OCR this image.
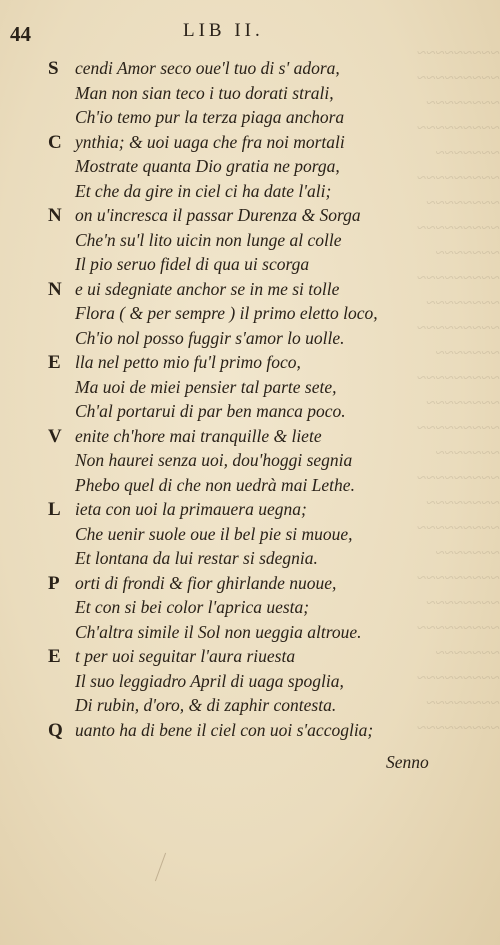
~~~~~~~~~
~~~~~~~~~
~~~~~~~~
~~~~~~~~~
~~~~~~~
~~~~~~~~~
~~~~~~~~
~~~~~~~~~
~~~~~~~
~~~~~~~~~
~~~~~~~~
~~~~~~~~~
~~~~~~~
~~~~~~~~~
~~~~~~~~
~~~~~~~~~
~~~~~~~
~~~~~~~~~
~~~~~~~~
~~~~~~~~~
~~~~~~~
~~~~~~~~~
~~~~~~~~
~~~~~~~~~
~~~~~~~
~~~~~~~~~
~~~~~~~~
~~~~~~~~~
44	LIB II.
S cendi Amor seco oue'l tuo di s' adora,
Man non sian teco i tuo dorati strali,
Ch'io temo pur la terza piaga anchora
C ynthia; & uoi uaga che fra noi mortali
Mostrate quanta Dio gratia ne porga,
Et che da gire in ciel ci ha date l'ali;
N on u'incresca il passar Durenza & Sorga
Che'n su'l lito uicin non lunge al colle
Il pio seruo fidel di qua ui scorga
N e ui sdegniate anchor se in me si tolle
Flora ( & per sempre ) il primo eletto loco,
Ch'io nol posso fuggir s'amor lo uolle.
E lla nel petto mio fu'l primo foco,
Ma uoi de miei pensier tal parte sete,
Ch'al portarui di par ben manca poco.
V enite ch'hore mai tranquille & liete
Non haurei senza uoi, dou'hoggi segnia
Phebo quel di che non uedrà mai Lethe.
L ieta con uoi la primauera uegna;
Che uenir suole oue il bel pie si muoue,
Et lontana da lui restar si sdegnia.
P orti di frondi & fior ghirlande nuoue,
Et con si bei color l'aprica uesta;
Ch'altra simile il Sol non ueggia altroue.
E t per uoi seguitar l'aura riuesta
Il suo leggiadro April di uaga spoglia,
Di rubin, d'oro, & di zaphir contesta.
Q uanto ha di bene il ciel con uoi s'accoglia;
Senno
